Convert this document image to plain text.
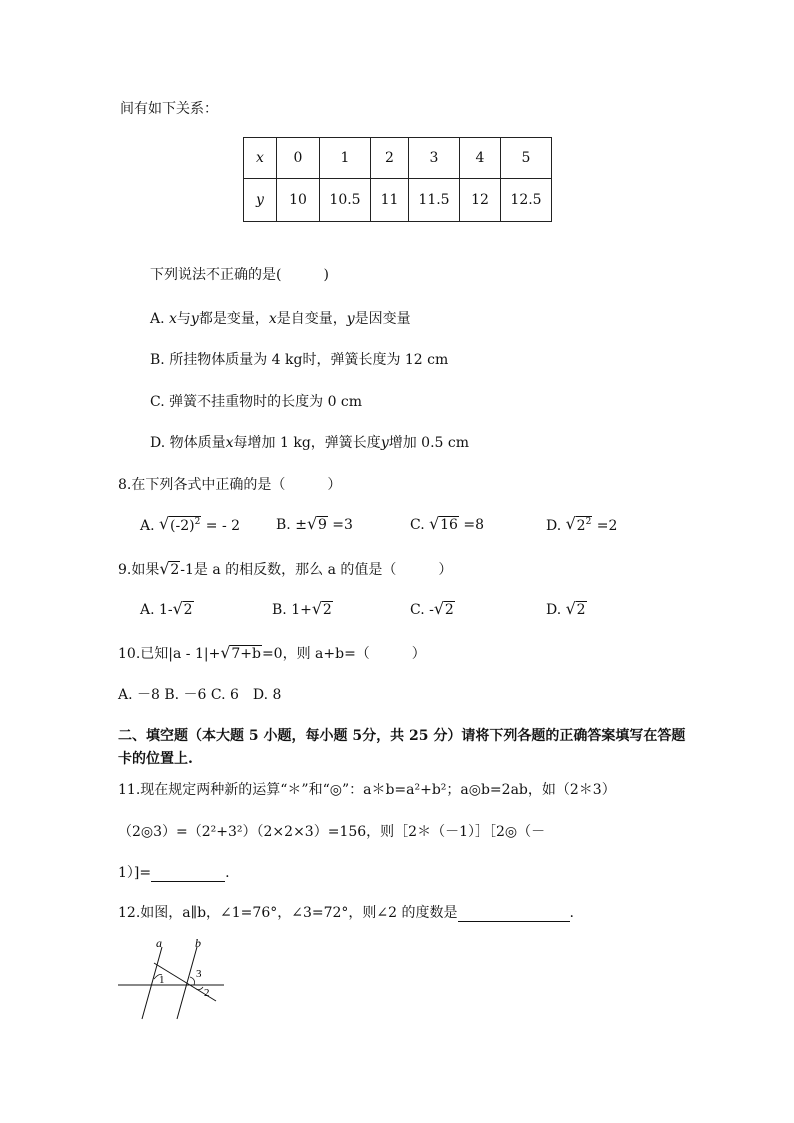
间有如下关系：
x	0	1	2	3	4	5
y	10	10.5	11	11.5	12	12.5
下列说法不正确的是(　　　)
A. x与y都是变量，x是自变量，y是因变量
B. 所挂物体质量为 4 kg时，弹簧长度为 12 cm
C. 弹簧不挂重物时的长度为 0 cm
D. 物体质量x每增加 1 kg，弹簧长度y增加 0.5 cm
8.在下列各式中正确的是（　　　）
A. √ $(-2)^2$ = - 2	B. ± √ 9 =3	C. √ 16 =8	D. √ $2^2 =2$
9.如果 √ 2-1是 a 的相反数，那么 a 的值是（　　　）
A. 1- √ 2	B. 1+ √ 2	C. - √ 2	D. √ 2
10.已知|a - 1|+ √ 7+b=0，则 a+b=（　　　）
A. －8 B. －6 C. 6　D. 8
二、填空题（本大题 5 小题，每小题 5分，共 25 分）请将下列各题的正确答案填写在答题
卡的位置上.
11.现在规定两种新的运算“＊”和“◎”：a＊b=a²+b²；a◎b=2ab，如（2＊3）
（2◎3）=（2²+3²）（2×2×3）=156，则［2＊（－1）］［2◎（－
1）]=	.
12.如图，a∥b，∠1=76°，∠3=72°，则∠2 的度数是	.
a	b
1	3
2
